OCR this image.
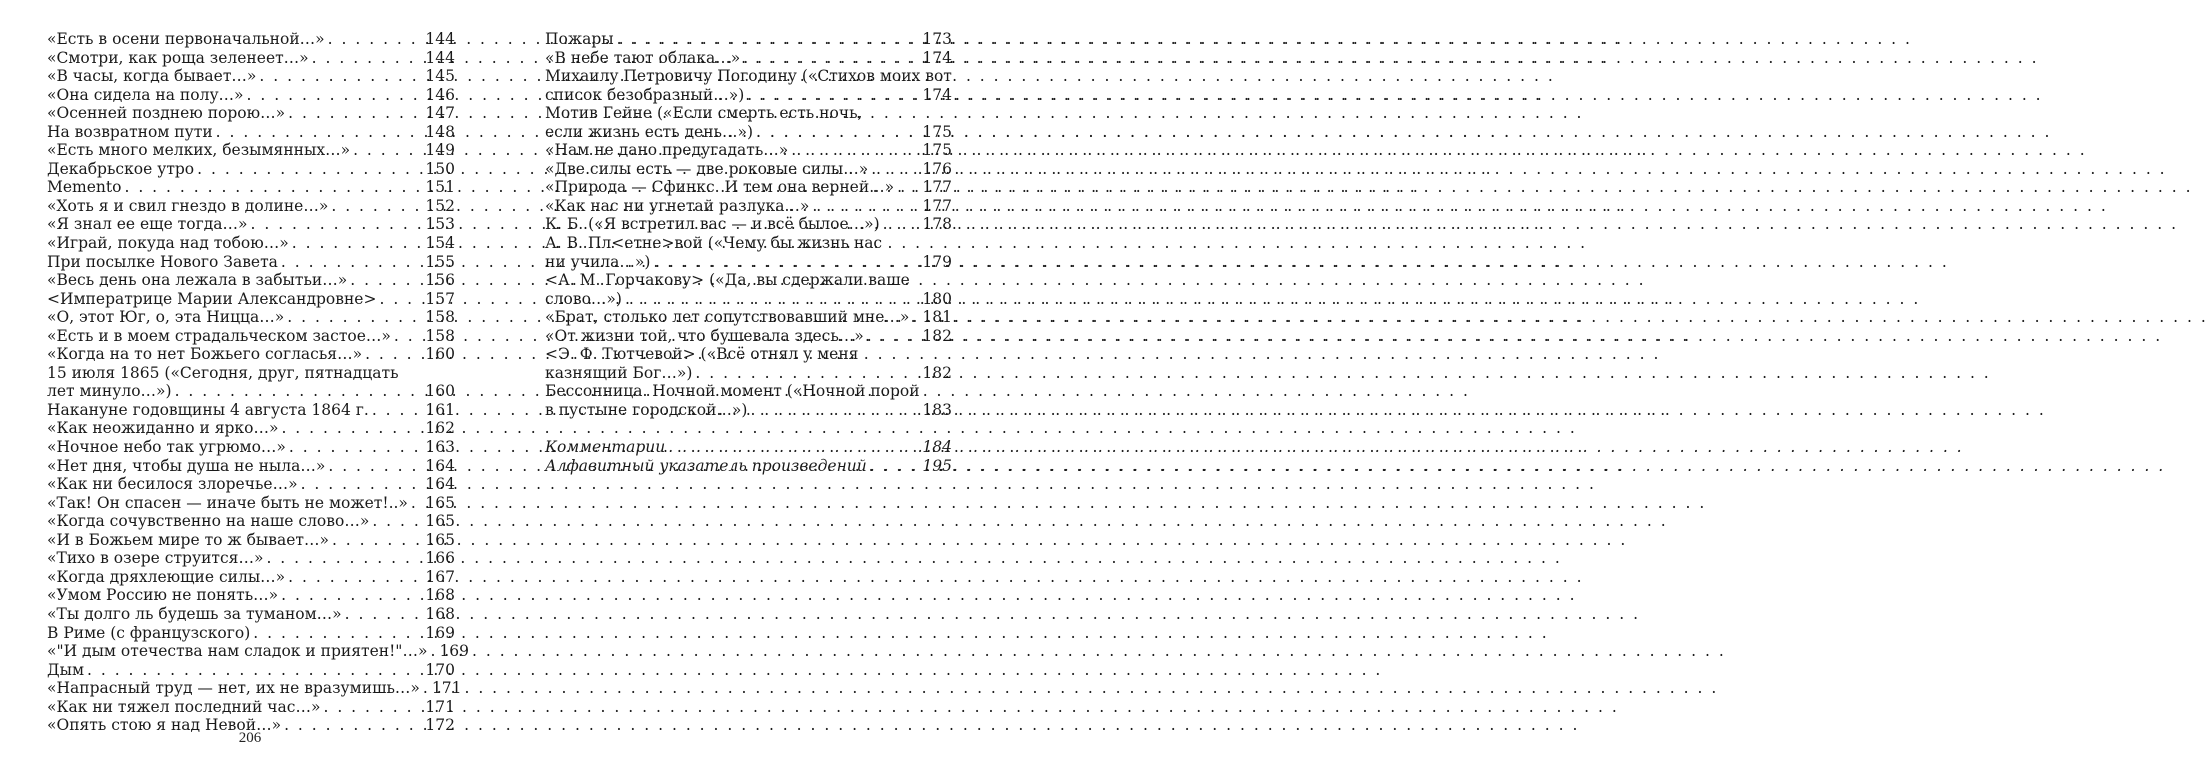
«Есть в осени первоначальной…» . . .	144
«Смотри, как роща зеленеет…» . . .	144
«В часы, когда бывает…» . . .	145
«Она сидела на полу…» . . .	146
«Осенней позднею порою…» . . .	147
На возвратном пути . . .	148
«Есть много мелких, безымянных…» . . .	149
Декабрьское утро . . .	150
Memento . . .	151
«Хоть я и свил гнездо в долине…» . . .	152
«Я знал ее еще тогда…» . . .	153
«Играй, покуда над тобою…» . . .	154
При посылке Нового Завета . . .	155
«Весь день она лежала в забытьи…» . . .	156
<Императрице Марии Александровне> . . .	157
«О, этот Юг, о, эта Ницца…» . . .	158
«Есть и в моем страдальческом застое…» . . . 158
«Когда на то нет Божьего согласья…» . . .	160
15 июля 1865 («Сегодня, друг, пятнадцать
лет минуло…») . . .	160
Накануне годовщины 4 августа 1864 г. . . .	161
«Как неожиданно и ярко…» . . .	162
«Ночное небо так угрюмо…» . . .	163
«Нет дня, чтобы душа не ныла…» . . .	164
«Как ни бесилося злоречье…» . . .	164
«Так! Он спасен — иначе быть не может!..» . . . 165
«Когда сочувственно на наше слово…» . . .	165
«И в Божьем мире то ж бывает…» . . .	165
«Тихо в озере струится…» . . .	166
«Когда дряхлеющие силы…» . . .	167
«Умом Россию не понять…» . . .	168
«Ты долго ль будешь за туманом…» . . .	168
В Риме (с французского) . . .	169
«"И дым отечества нам сладок и приятен!"…» . . . 169
Дым . . .	170
«Напрасный труд — нет, их не вразумишь…» . . . 171
«Как ни тяжел последний час…» . . .	171
«Опять стою я над Невой…» . . .	172
Пожары . . .	173
«В небе тают облака…» . . .	174
Михаилу Петровичу Погодину («Стихов моих вот
список безобразный…») . . .	174
Мотив Гейне («Если смерть есть ночь,
если жизнь есть день…») . . .	175
«Нам не дано предугадать…» . . .	175
«Две силы есть — две роковые силы…» . . .	176
«Природа — Сфинкс. И тем она верней…» . . . 177
«Как нас ни угнетай разлука…» . . .	177
К. Б. («Я встретил вас — и всё былое…») . . .	178
А. В. Пл<етне>вой («Чему бы жизнь нас
ни учила…») . . .	179
<А. М. Горчакову> («Да, вы сдержали ваше
слово…») . . .	180
«Брат, столько лет сопутствовавший мне…» . . . 181
«От жизни той, что бушевала здесь…» . . .	182
<Э. Ф. Тютчевой> («Всё отнял у меня
казнящий Бог…») . . .	182
Бессонница. Ночной момент («Ночной порой
в пустыне городской…») . . .	183
Комментарии . . .	184
Алфавитный указатель произведений . . .	195
206
